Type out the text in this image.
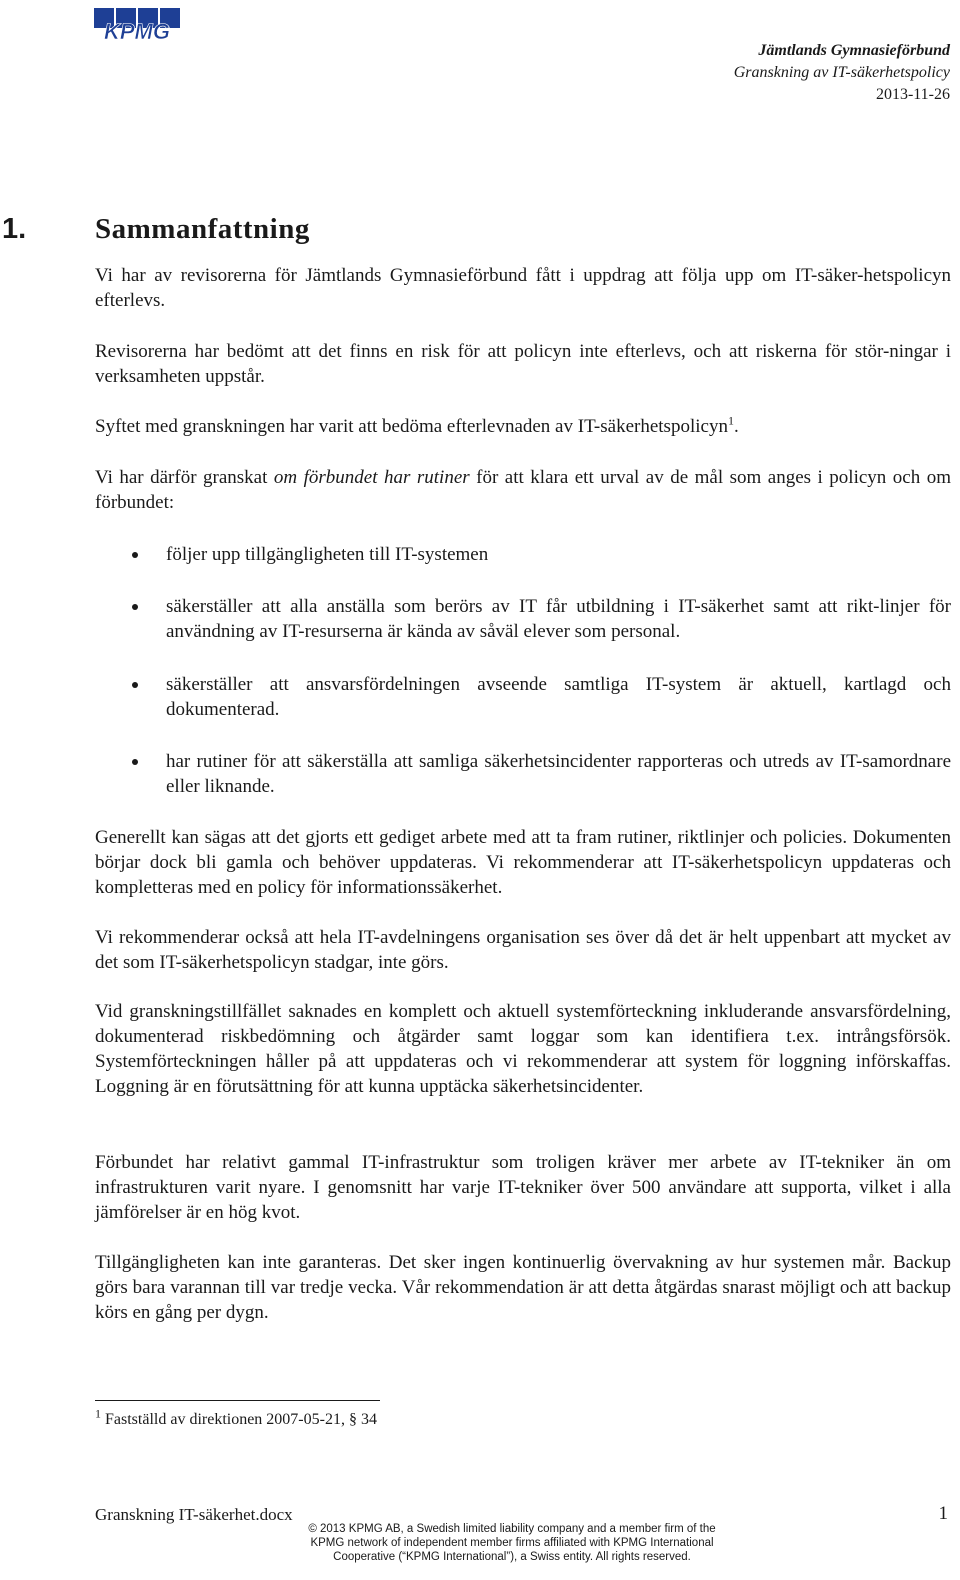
KPMG
Jämtlands Gymnasieförbund
Granskning av IT-säkerhetspolicy
2013-11-26
1. Sammanfattning

Vi har av revisorerna för Jämtlands Gymnasieförbund fått i uppdrag att följa upp om IT-säker-hetspolicyn efterlevs.

Revisorerna har bedömt att det finns en risk för att policyn inte efterlevs, och att riskerna för stör-ningar i verksamheten uppstår.

Syftet med granskningen har varit att bedöma efterlevnaden av IT-säkerhetspolicyn$^1$.

Vi har därför granskat om förbundet har rutiner för att klara ett urval av de mål som anges i policyn och om förbundet:

följer upp tillgängligheten till IT-systemen

säkerställer att alla anställa som berörs av IT får utbildning i IT-säkerhet samt att rikt-linjer för användning av IT-resurserna är kända av såväl elever som personal.

säkerställer att ansvarsfördelningen avseende samtliga IT-system är aktuell, kartlagd och dokumenterad.

har rutiner för att säkerställa att samliga säkerhetsincidenter rapporteras och utreds av IT-samordnare eller liknande.

Generellt kan sägas att det gjorts ett gediget arbete med att ta fram rutiner, riktlinjer och policies. Dokumenten börjar dock bli gamla och behöver uppdateras. Vi rekommenderar att IT-säkerhetspolicyn uppdateras och kompletteras med en policy för informationssäkerhet.

Vi rekommenderar också att hela IT-avdelningens organisation ses över då det är helt uppenbart att mycket av det som IT-säkerhetspolicyn stadgar, inte görs.

Vid granskningstillfället saknades en komplett och aktuell systemförteckning inkluderande ansvarsfördelning, dokumenterad riskbedömning och åtgärder samt loggar som kan identifiera t.ex. intrångsförsök. Systemförteckningen håller på att uppdateras och vi rekommenderar att system för loggning införskaffas. Loggning är en förutsättning för att kunna upptäcka säkerhetsincidenter.

Förbundet har relativt gammal IT-infrastruktur som troligen kräver mer arbete av IT-tekniker än om infrastrukturen varit nyare. I genomsnitt har varje IT-tekniker över 500 användare att supporta, vilket i alla jämförelser är en hög kvot.

Tillgängligheten kan inte garanteras. Det sker ingen kontinuerlig övervakning av hur systemen mår. Backup görs bara varannan till var tredje vecka. Vår rekommendation är att detta åtgärdas snarast möjligt och att backup körs en gång per dygn.

$^1$ Fastställd av direktionen 2007-05-21, § 34
Granskning IT-säkerhet.docx	1
© 2013 KPMG AB, a Swedish limited liability company and a member firm of the
KPMG network of independent member firms affiliated with KPMG International
Cooperative (“KPMG International”), a Swiss entity. All rights reserved.
